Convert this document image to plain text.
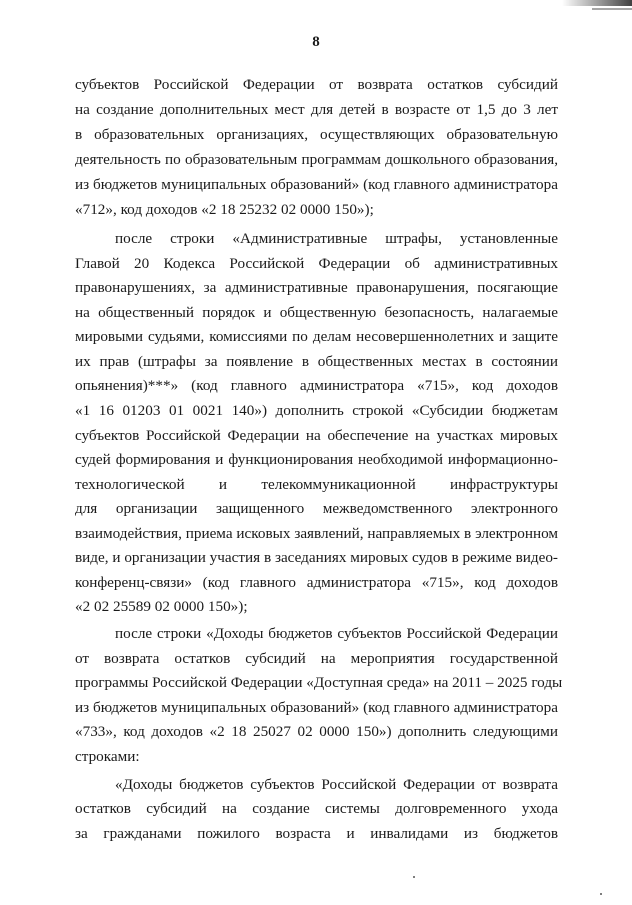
8
субъектов Российской Федерации от возврата остатков субсидий
на создание дополнительных мест для детей в возрасте от 1,5 до 3 лет
в образовательных организациях, осуществляющих образовательную
деятельность по образовательным программам дошкольного образования,
из бюджетов муниципальных образований» (код главного администратора
«712», код доходов «2 18 25232 02 0000 150»);
после строки «Административные штрафы, установленные
Главой 20 Кодекса Российской Федерации об административных
правонарушениях, за административные правонарушения, посягающие
на общественный порядок и общественную безопасность, налагаемые
мировыми судьями, комиссиями по делам несовершеннолетних и защите
их прав (штрафы за появление в общественных местах в состоянии
опьянения)***» (код главного администратора «715», код доходов
«1 16 01203 01 0021 140») дополнить строкой «Субсидии бюджетам
субъектов Российской Федерации на обеспечение на участках мировых
судей формирования и функционирования необходимой информационно-
технологической и телекоммуникационной инфраструктуры
для организации защищенного межведомственного электронного
взаимодействия, приема исковых заявлений, направляемых в электронном
виде, и организации участия в заседаниях мировых судов в режиме видео-
конференц-связи» (код главного администратора «715», код доходов
«2 02 25589 02 0000 150»);
после строки «Доходы бюджетов субъектов Российской Федерации
от возврата остатков субсидий на мероприятия государственной
программы Российской Федерации «Доступная среда» на 2011 – 2025 годы
из бюджетов муниципальных образований» (код главного администратора
«733», код доходов «2 18 25027 02 0000 150») дополнить следующими
строками:
«Доходы бюджетов субъектов Российской Федерации от возврата
остатков субсидий на создание системы долговременного ухода
за гражданами пожилого возраста и инвалидами из бюджетов
